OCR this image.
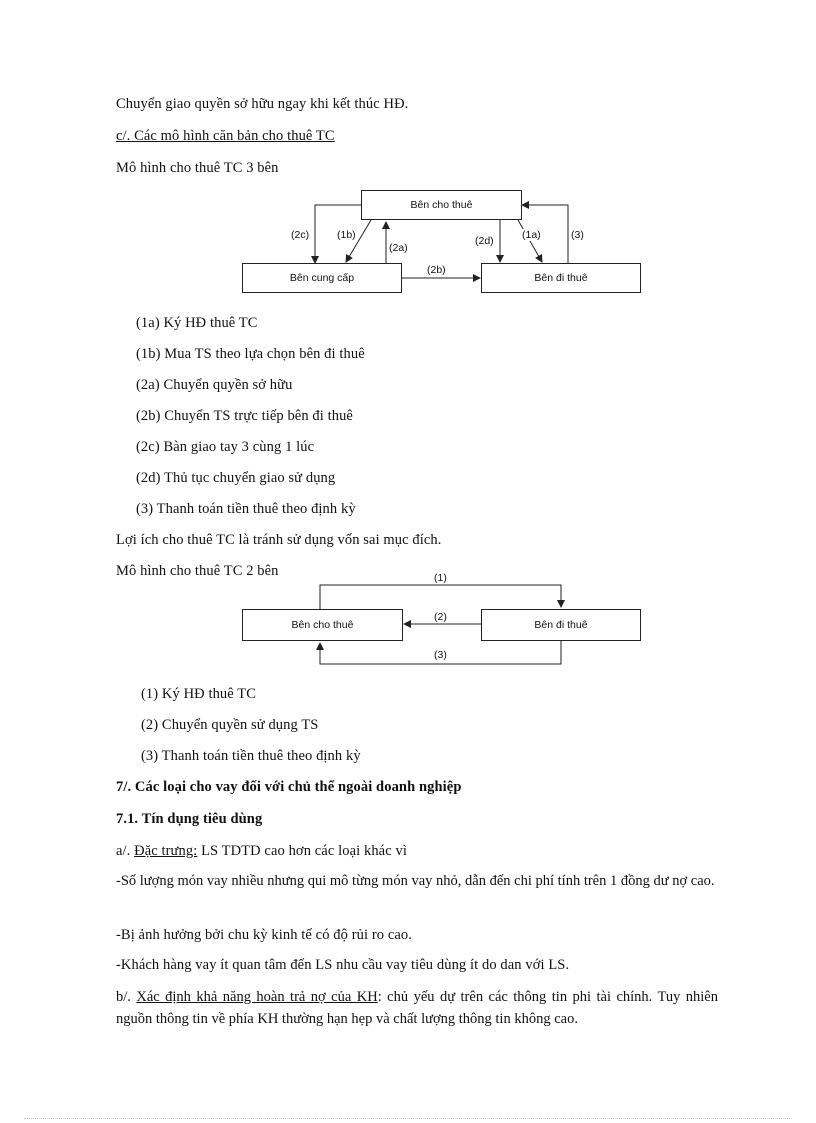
Chuyển giao quyền sở hữu ngay khi kết thúc HĐ.
c/. Các mô hình căn bản cho thuê TC
Mô hình cho thuê TC 3 bên
Bên cho thuê
Bên cung cấp	Bên đi thuê
(2c)	(1b)
(2a)
(2d)	(1a)	(3)
(2b)
(1a) Ký HĐ thuê TC
(1b) Mua TS theo lựa chọn bên đi thuê
(2a) Chuyển quyền sở hữu
(2b) Chuyển TS trực tiếp bên đi thuê
(2c) Bàn giao tay 3 cùng 1 lúc
(2d) Thủ tục chuyển giao sử dụng
(3) Thanh toán tiền thuê theo định kỳ
Lợi ích cho thuê TC là tránh sử dụng vốn sai mục đích.
Mô hình cho thuê TC 2 bên
Bên cho thuê	Bên đi thuê
(1)
(2)
(3)
(1) Ký HĐ thuê TC
(2) Chuyển quyền sử dụng TS
(3) Thanh toán tiền thuê theo định kỳ
7/. Các loại cho vay đối với chủ thể ngoài doanh nghiệp
7.1. Tín dụng tiêu dùng
a/. Đặc trưng: LS TDTD cao hơn các loại khác vì
-Số lượng món vay nhiều nhưng qui mô từng món vay nhỏ, dẫn đến chi phí tính trên 1 đồng dư nợ cao.
-Bị ảnh hưởng bởi chu kỳ kinh tế có độ rủi ro cao.
-Khách hàng vay ít quan tâm đến LS nhu cầu vay tiêu dùng ít do dan với LS.
b/. Xác định khả năng hoàn trả nợ của KH: chủ yếu dự trên các thông tin phi tài chính. Tuy nhiên nguồn thông tin về phía KH thường hạn hẹp và chất lượng thông tin không cao.
